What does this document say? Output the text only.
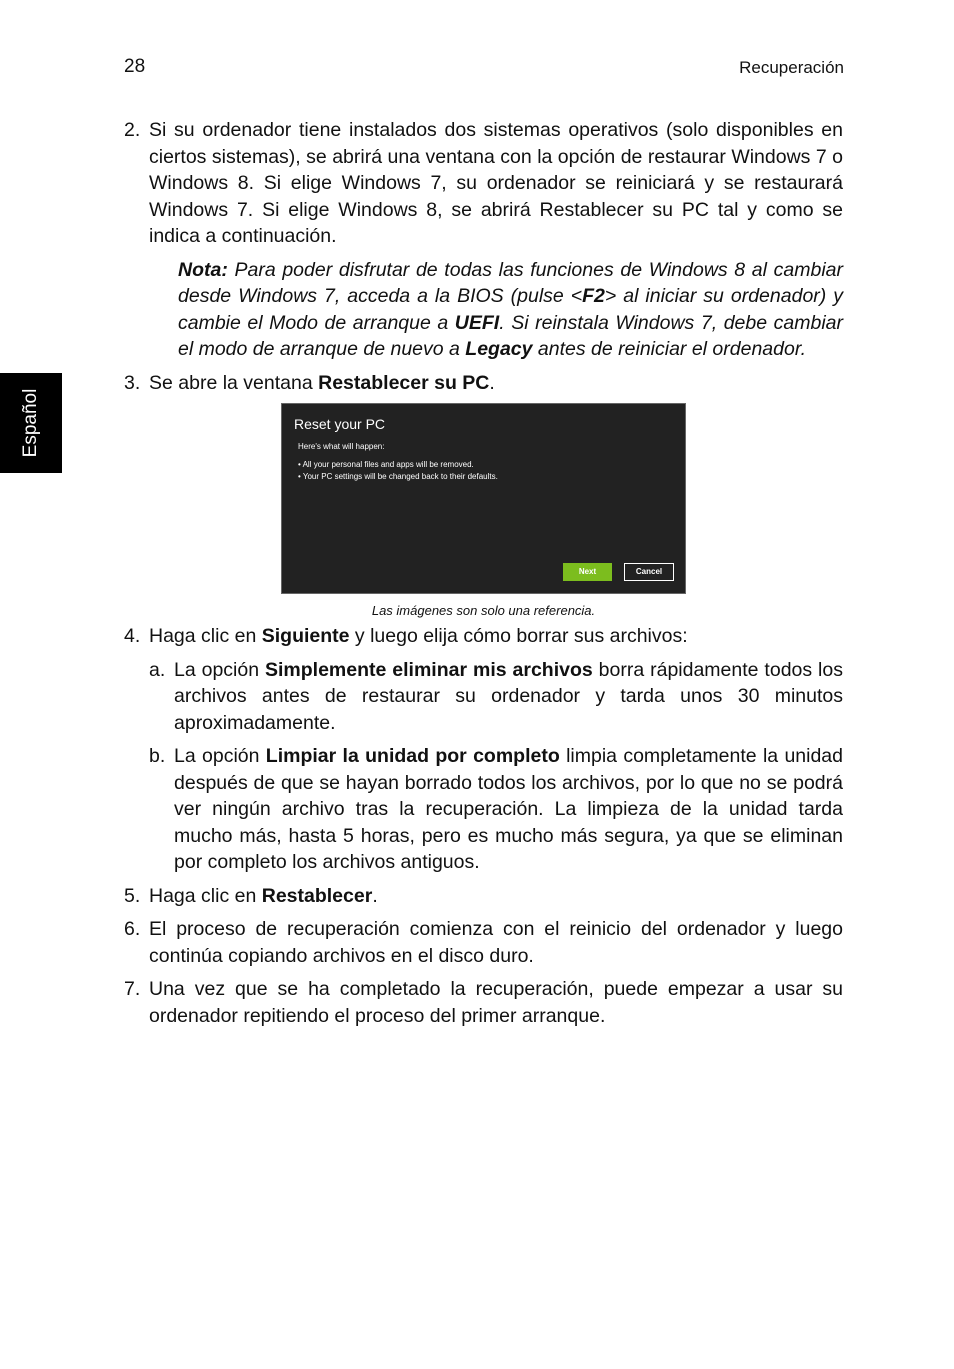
28	Recuperación
Español
2. Si su ordenador tiene instalados dos sistemas operativos (solo disponibles en ciertos sistemas), se abrirá una ventana con la opción de restaurar Windows 7 o Windows 8. Si elige Windows 7, su ordenador se reiniciará y se restaurará Windows 7. Si elige Windows 8, se abrirá Restablecer su PC tal y como se indica a continuación.
Nota: Para poder disfrutar de todas las funciones de Windows 8 al cambiar desde Windows 7, acceda a la BIOS (pulse <F2> al iniciar su ordenador) y cambie el Modo de arranque a UEFI. Si reinstala Windows 7, debe cambiar el modo de arranque de nuevo a Legacy antes de reiniciar el ordenador.
3. Se abre la ventana Restablecer su PC.
Reset your PC
Here's what will happen:
• All your personal files and apps will be removed.
• Your PC settings will be changed back to their defaults.
Next	Cancel
Las imágenes son solo una referencia.
4. Haga clic en Siguiente y luego elija cómo borrar sus archivos:
a. La opción Simplemente eliminar mis archivos borra rápidamente todos los archivos antes de restaurar su ordenador y tarda unos 30 minutos aproximadamente.
b. La opción Limpiar la unidad por completo limpia completamente la unidad después de que se hayan borrado todos los archivos, por lo que no se podrá ver ningún archivo tras la recuperación. La limpieza de la unidad tarda mucho más, hasta 5 horas, pero es mucho más segura, ya que se eliminan por completo los archivos antiguos.
5. Haga clic en Restablecer.
6. El proceso de recuperación comienza con el reinicio del ordenador y luego continúa copiando archivos en el disco duro.
7. Una vez que se ha completado la recuperación, puede empezar a usar su ordenador repitiendo el proceso del primer arranque.
